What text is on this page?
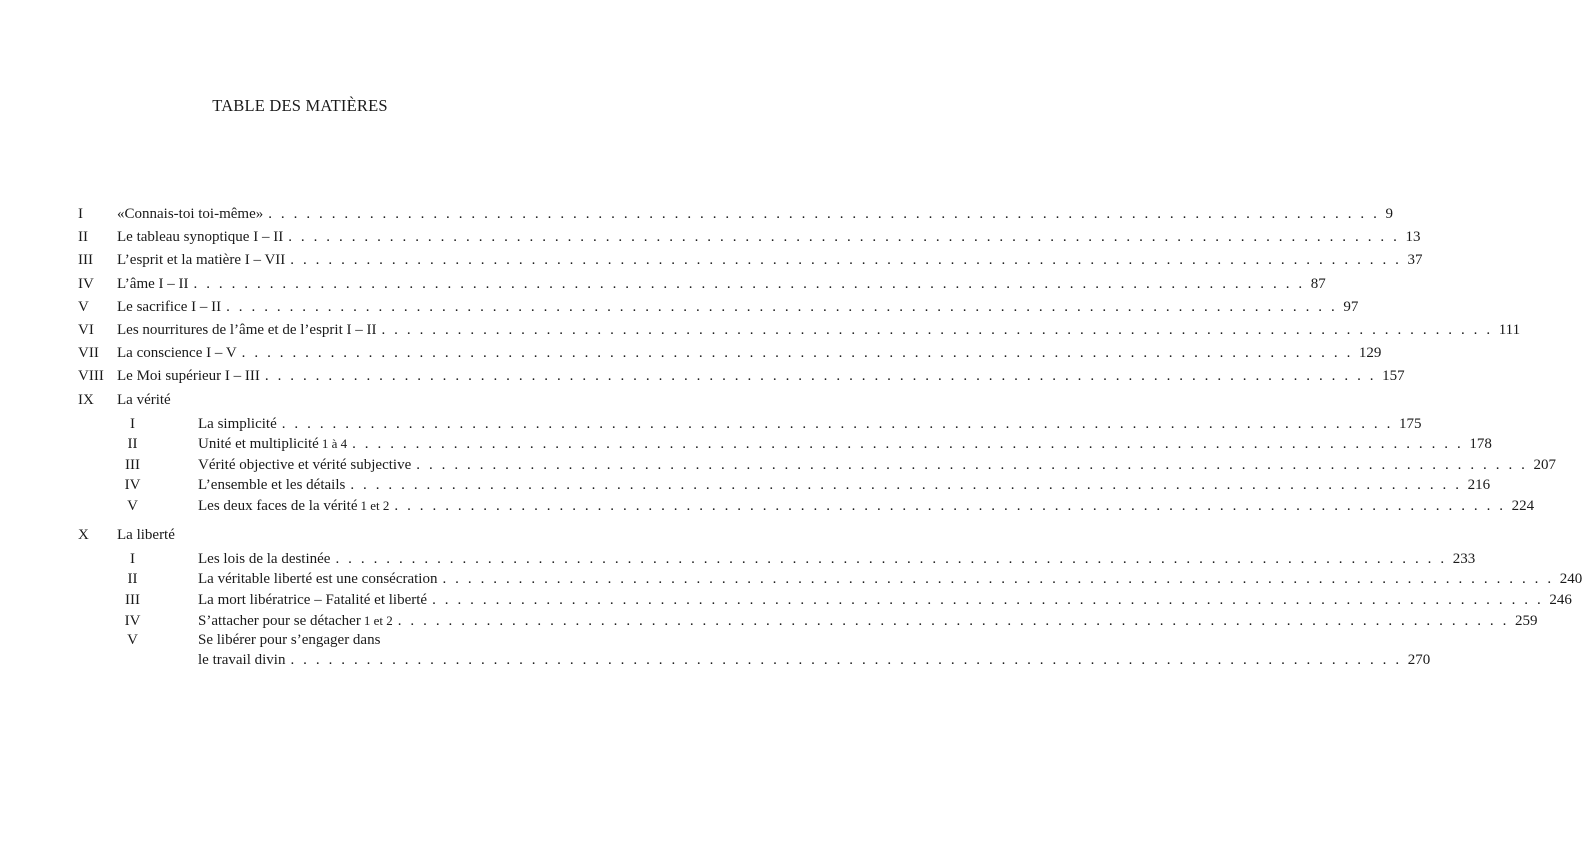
TABLE DES MATIÈRES
I «Connais-toi toi-même» . . . . . . . . . . . . . . . . . . . . . . . . . . . . . . . . . . . . . . . . . . . . . . . . . . . . . . . . . . . . . . . . . . . . . . . . . . . . . . . . . . . . . . . . 9
II Le tableau synoptique I – II . . . . . . . . . . . . . . . . . . . . . . . . . . . . . . . . . . . . . . . . . . . . . . . . . . . . . . . . . . . . . . . . . . . . . . . . . . . . . . . . . . . . . . . . 13
III L’esprit et la matière I – VII . . . . . . . . . . . . . . . . . . . . . . . . . . . . . . . . . . . . . . . . . . . . . . . . . . . . . . . . . . . . . . . . . . . . . . . . . . . . . . . . . . . . . . . . 37
IV L’âme I – II . . . . . . . . . . . . . . . . . . . . . . . . . . . . . . . . . . . . . . . . . . . . . . . . . . . . . . . . . . . . . . . . . . . . . . . . . . . . . . . . . . . . . . . . 87
V Le sacrifice I – II . . . . . . . . . . . . . . . . . . . . . . . . . . . . . . . . . . . . . . . . . . . . . . . . . . . . . . . . . . . . . . . . . . . . . . . . . . . . . . . . . . . . . . . . 97
VI Les nourritures de l’âme et de l’esprit I – II . . . . . . . . . . . . . . . . . . . . . . . . . . . . . . . . . . . . . . . . . . . . . . . . . . . . . . . . . . . . . . . . . . . . . . . . . . . . . . . . . . . . . . . . 111
VII La conscience I – V . . . . . . . . . . . . . . . . . . . . . . . . . . . . . . . . . . . . . . . . . . . . . . . . . . . . . . . . . . . . . . . . . . . . . . . . . . . . . . . . . . . . . . . . 129
VIII Le Moi supérieur I – III . . . . . . . . . . . . . . . . . . . . . . . . . . . . . . . . . . . . . . . . . . . . . . . . . . . . . . . . . . . . . . . . . . . . . . . . . . . . . . . . . . . . . . . . 157
IX La vérité
I	La simplicité . . . . . . . . . . . . . . . . . . . . . . . . . . . . . . . . . . . . . . . . . . . . . . . . . . . . . . . . . . . . . . . . . . . . . . . . . . . . . . . . . . . . . . . . 175
II	Unité et multiplicité 1 à 4 . . . . . . . . . . . . . . . . . . . . . . . . . . . . . . . . . . . . . . . . . . . . . . . . . . . . . . . . . . . . . . . . . . . . . . . . . . . . . . . . . . . . . . . . 178
III	Vérité objective et vérité subjective . . . . . . . . . . . . . . . . . . . . . . . . . . . . . . . . . . . . . . . . . . . . . . . . . . . . . . . . . . . . . . . . . . . . . . . . . . . . . . . . . . . . . . . . 207
IV	L’ensemble et les détails . . . . . . . . . . . . . . . . . . . . . . . . . . . . . . . . . . . . . . . . . . . . . . . . . . . . . . . . . . . . . . . . . . . . . . . . . . . . . . . . . . . . . . . . 216
V	Les deux faces de la vérité 1 et 2 . . . . . . . . . . . . . . . . . . . . . . . . . . . . . . . . . . . . . . . . . . . . . . . . . . . . . . . . . . . . . . . . . . . . . . . . . . . . . . . . . . . . . . . . 224
X La liberté
I	Les lois de la destinée . . . . . . . . . . . . . . . . . . . . . . . . . . . . . . . . . . . . . . . . . . . . . . . . . . . . . . . . . . . . . . . . . . . . . . . . . . . . . . . . . . . . . . . . 233
II	La véritable liberté est une consécration . . . . . . . . . . . . . . . . . . . . . . . . . . . . . . . . . . . . . . . . . . . . . . . . . . . . . . . . . . . . . . . . . . . . . . . . . . . . . . . . . . . . . . . . 240
III	La mort libératrice – Fatalité et liberté . . . . . . . . . . . . . . . . . . . . . . . . . . . . . . . . . . . . . . . . . . . . . . . . . . . . . . . . . . . . . . . . . . . . . . . . . . . . . . . . . . . . . . . . 246
IV	S’attacher pour se détacher 1 et 2 . . . . . . . . . . . . . . . . . . . . . . . . . . . . . . . . . . . . . . . . . . . . . . . . . . . . . . . . . . . . . . . . . . . . . . . . . . . . . . . . . . . . . . . . 259
V	Se libérer pour s’engager dans
le travail divin . . . . . . . . . . . . . . . . . . . . . . . . . . . . . . . . . . . . . . . . . . . . . . . . . . . . . . . . . . . . . . . . . . . . . . . . . . . . . . . . . . . . . . . . 270
